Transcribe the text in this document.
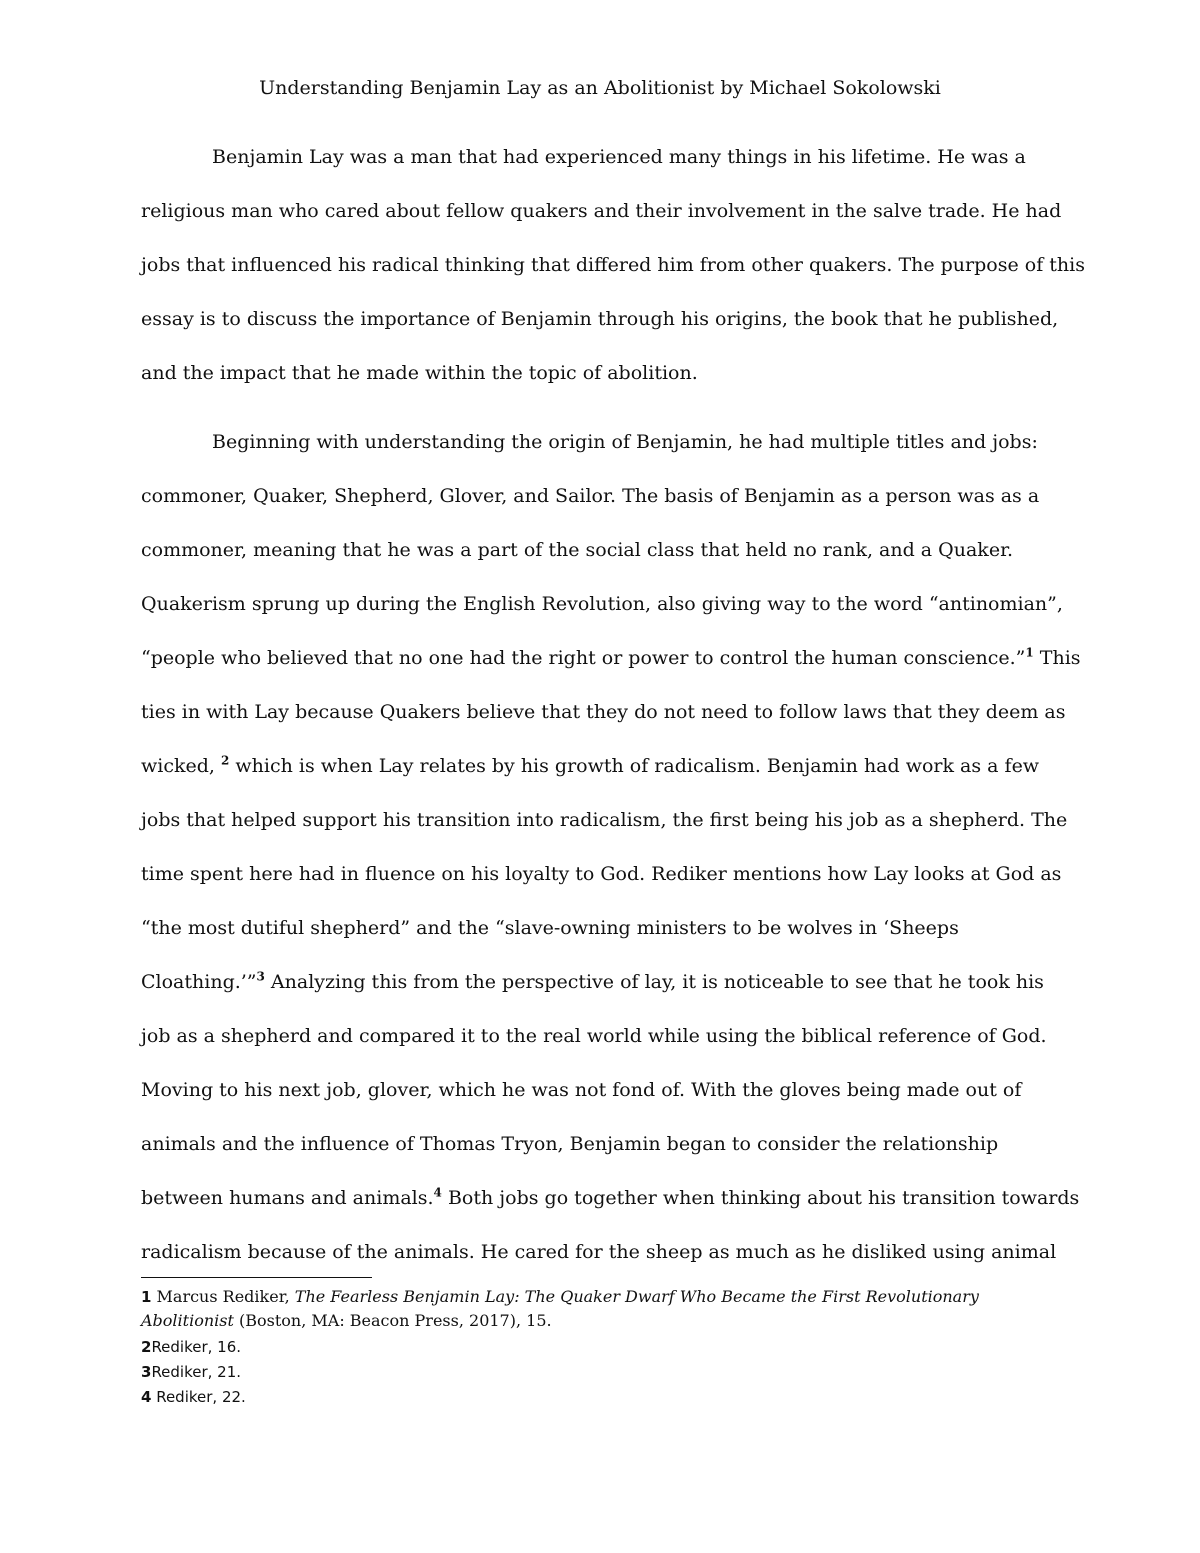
Understanding Benjamin Lay as an Abolitionist by Michael Sokolowski
Benjamin Lay was a man that had experienced many things in his lifetime. He was a
religious man who cared about fellow quakers and their involvement in the salve trade. He had
jobs that influenced his radical thinking that differed him from other quakers. The purpose of this
essay is to discuss the importance of Benjamin through his origins, the book that he published,
and the impact that he made within the topic of abolition.
Beginning with understanding the origin of Benjamin, he had multiple titles and jobs:
commoner, Quaker, Shepherd, Glover, and Sailor. The basis of Benjamin as a person was as a
commoner, meaning that he was a part of the social class that held no rank, and a Quaker.
Quakerism sprung up during the English Revolution, also giving way to the word “antinomian”,
“people who believed that no one had the right or power to control the human conscience.”$^1$ This
ties in with Lay because Quakers believe that they do not need to follow laws that they deem as
wicked, $^2$ which is when Lay relates by his growth of radicalism. Benjamin had work as a few
jobs that helped support his transition into radicalism, the first being his job as a shepherd. The
time spent here had in fluence on his loyalty to God. Rediker mentions how Lay looks at God as
“the most dutiful shepherd” and the “slave-owning ministers to be wolves in ‘Sheeps
Cloathing.’”$^3$ Analyzing this from the perspective of lay, it is noticeable to see that he took his
job as a shepherd and compared it to the real world while using the biblical reference of God.
Moving to his next job, glover, which he was not fond of. With the gloves being made out of
animals and the influence of Thomas Tryon, Benjamin began to consider the relationship
between humans and animals.$^4$ Both jobs go together when thinking about his transition towards
radicalism because of the animals. He cared for the sheep as much as he disliked using animal
1 Marcus Rediker, The Fearless Benjamin Lay: The Quaker Dwarf Who Became the First Revolutionary
Abolitionist (Boston, MA: Beacon Press, 2017), 15.
2Rediker, 16.
3Rediker, 21.
4 Rediker, 22.
